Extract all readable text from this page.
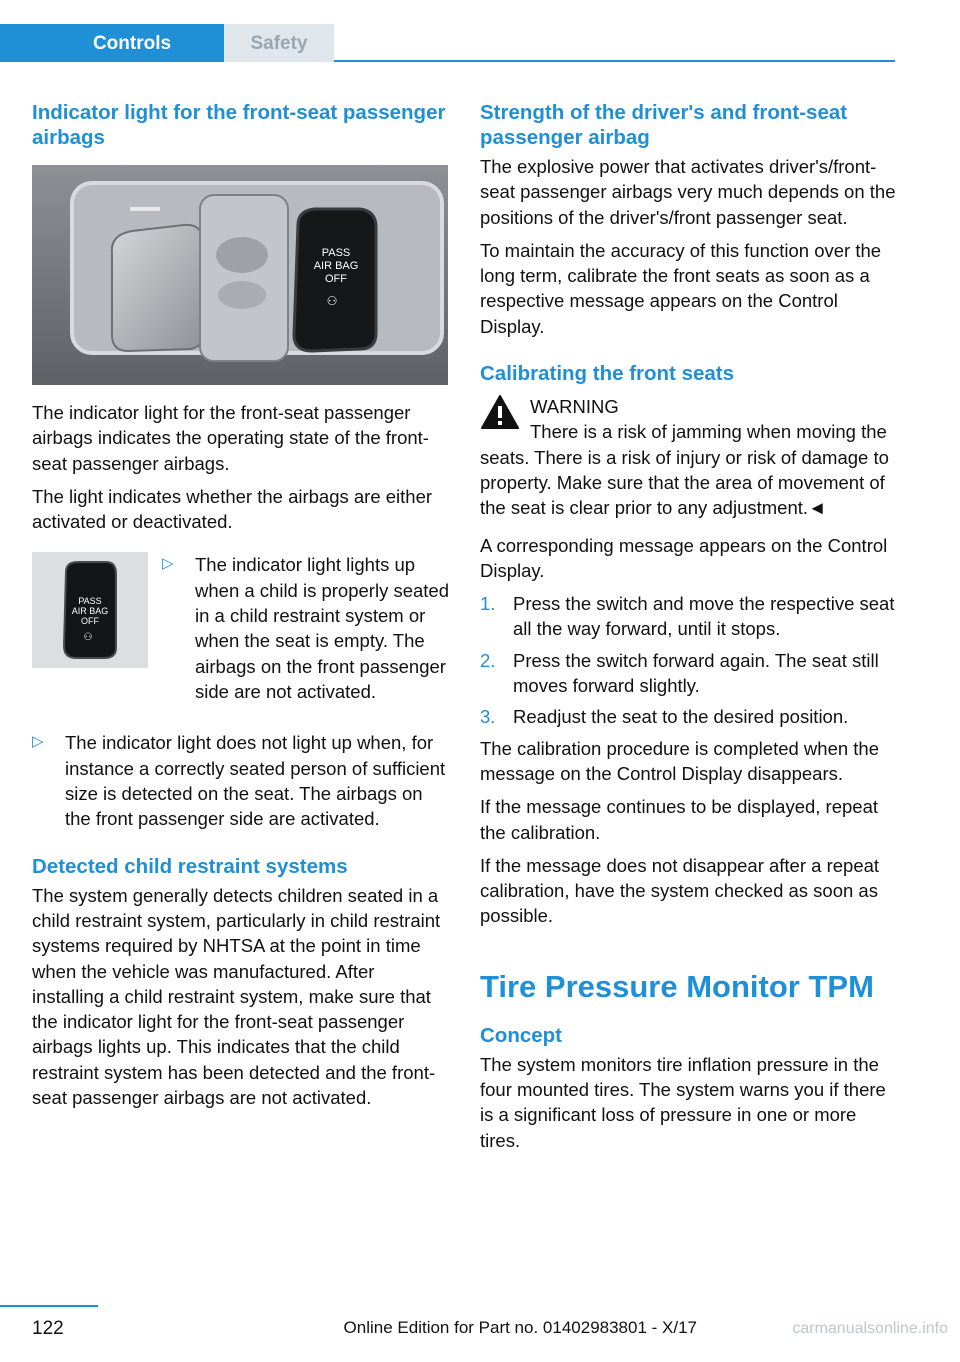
Controls	Safety
Indicator light for the front-seat passenger airbags
PASS
AIR BAG
OFF
⚇

The indicator light for the front-seat passenger airbags indicates the operating state of the front-seat passenger airbags.

The light indicates whether the airbags are either activated or deactivated.

PASS
AIR BAG
OFF
⚇
▷ The indicator light lights up when a child is properly seated in a child restraint system or when the seat is empty. The airbags on the front passenger side are not activated.
▷ The indicator light does not light up when, for instance a correctly seated person of sufficient size is detected on the seat. The airbags on the front passenger side are activated.
Detected child restraint systems

The system generally detects children seated in a child restraint system, particularly in child restraint systems required by NHTSA at the point in time when the vehicle was manufactured. After installing a child restraint system, make sure that the indicator light for the front-seat passenger airbags lights up. This indicates that the child restraint system has been detected and the front-seat passenger airbags are not activated.

Strength of the driver's and front-seat passenger airbag

The explosive power that activates driver's/front-seat passenger airbags very much depends on the positions of the driver's/front passenger seat.

To maintain the accuracy of this function over the long term, calibrate the front seats as soon as a respective message appears on the Control Display.

Calibrating the front seats
WARNING
There is a risk of jamming when moving the seats. There is a risk of injury or risk of damage to property. Make sure that the area of movement of the seat is clear prior to any adjustment.◄

A corresponding message appears on the Control Display.

1. Press the switch and move the respective seat all the way forward, until it stops.
2. Press the switch forward again. The seat still moves forward slightly.
3. Readjust the seat to the desired position.

The calibration procedure is completed when the message on the Control Display disappears.

If the message continues to be displayed, repeat the calibration.

If the message does not disappear after a repeat calibration, have the system checked as soon as possible.

Tire Pressure Monitor TPM
Concept

The system monitors tire inflation pressure in the four mounted tires. The system warns you if there is a significant loss of pressure in one or more tires.

122	Online Edition for Part no. 01402983801 - X/17	carmanualsonline.info
